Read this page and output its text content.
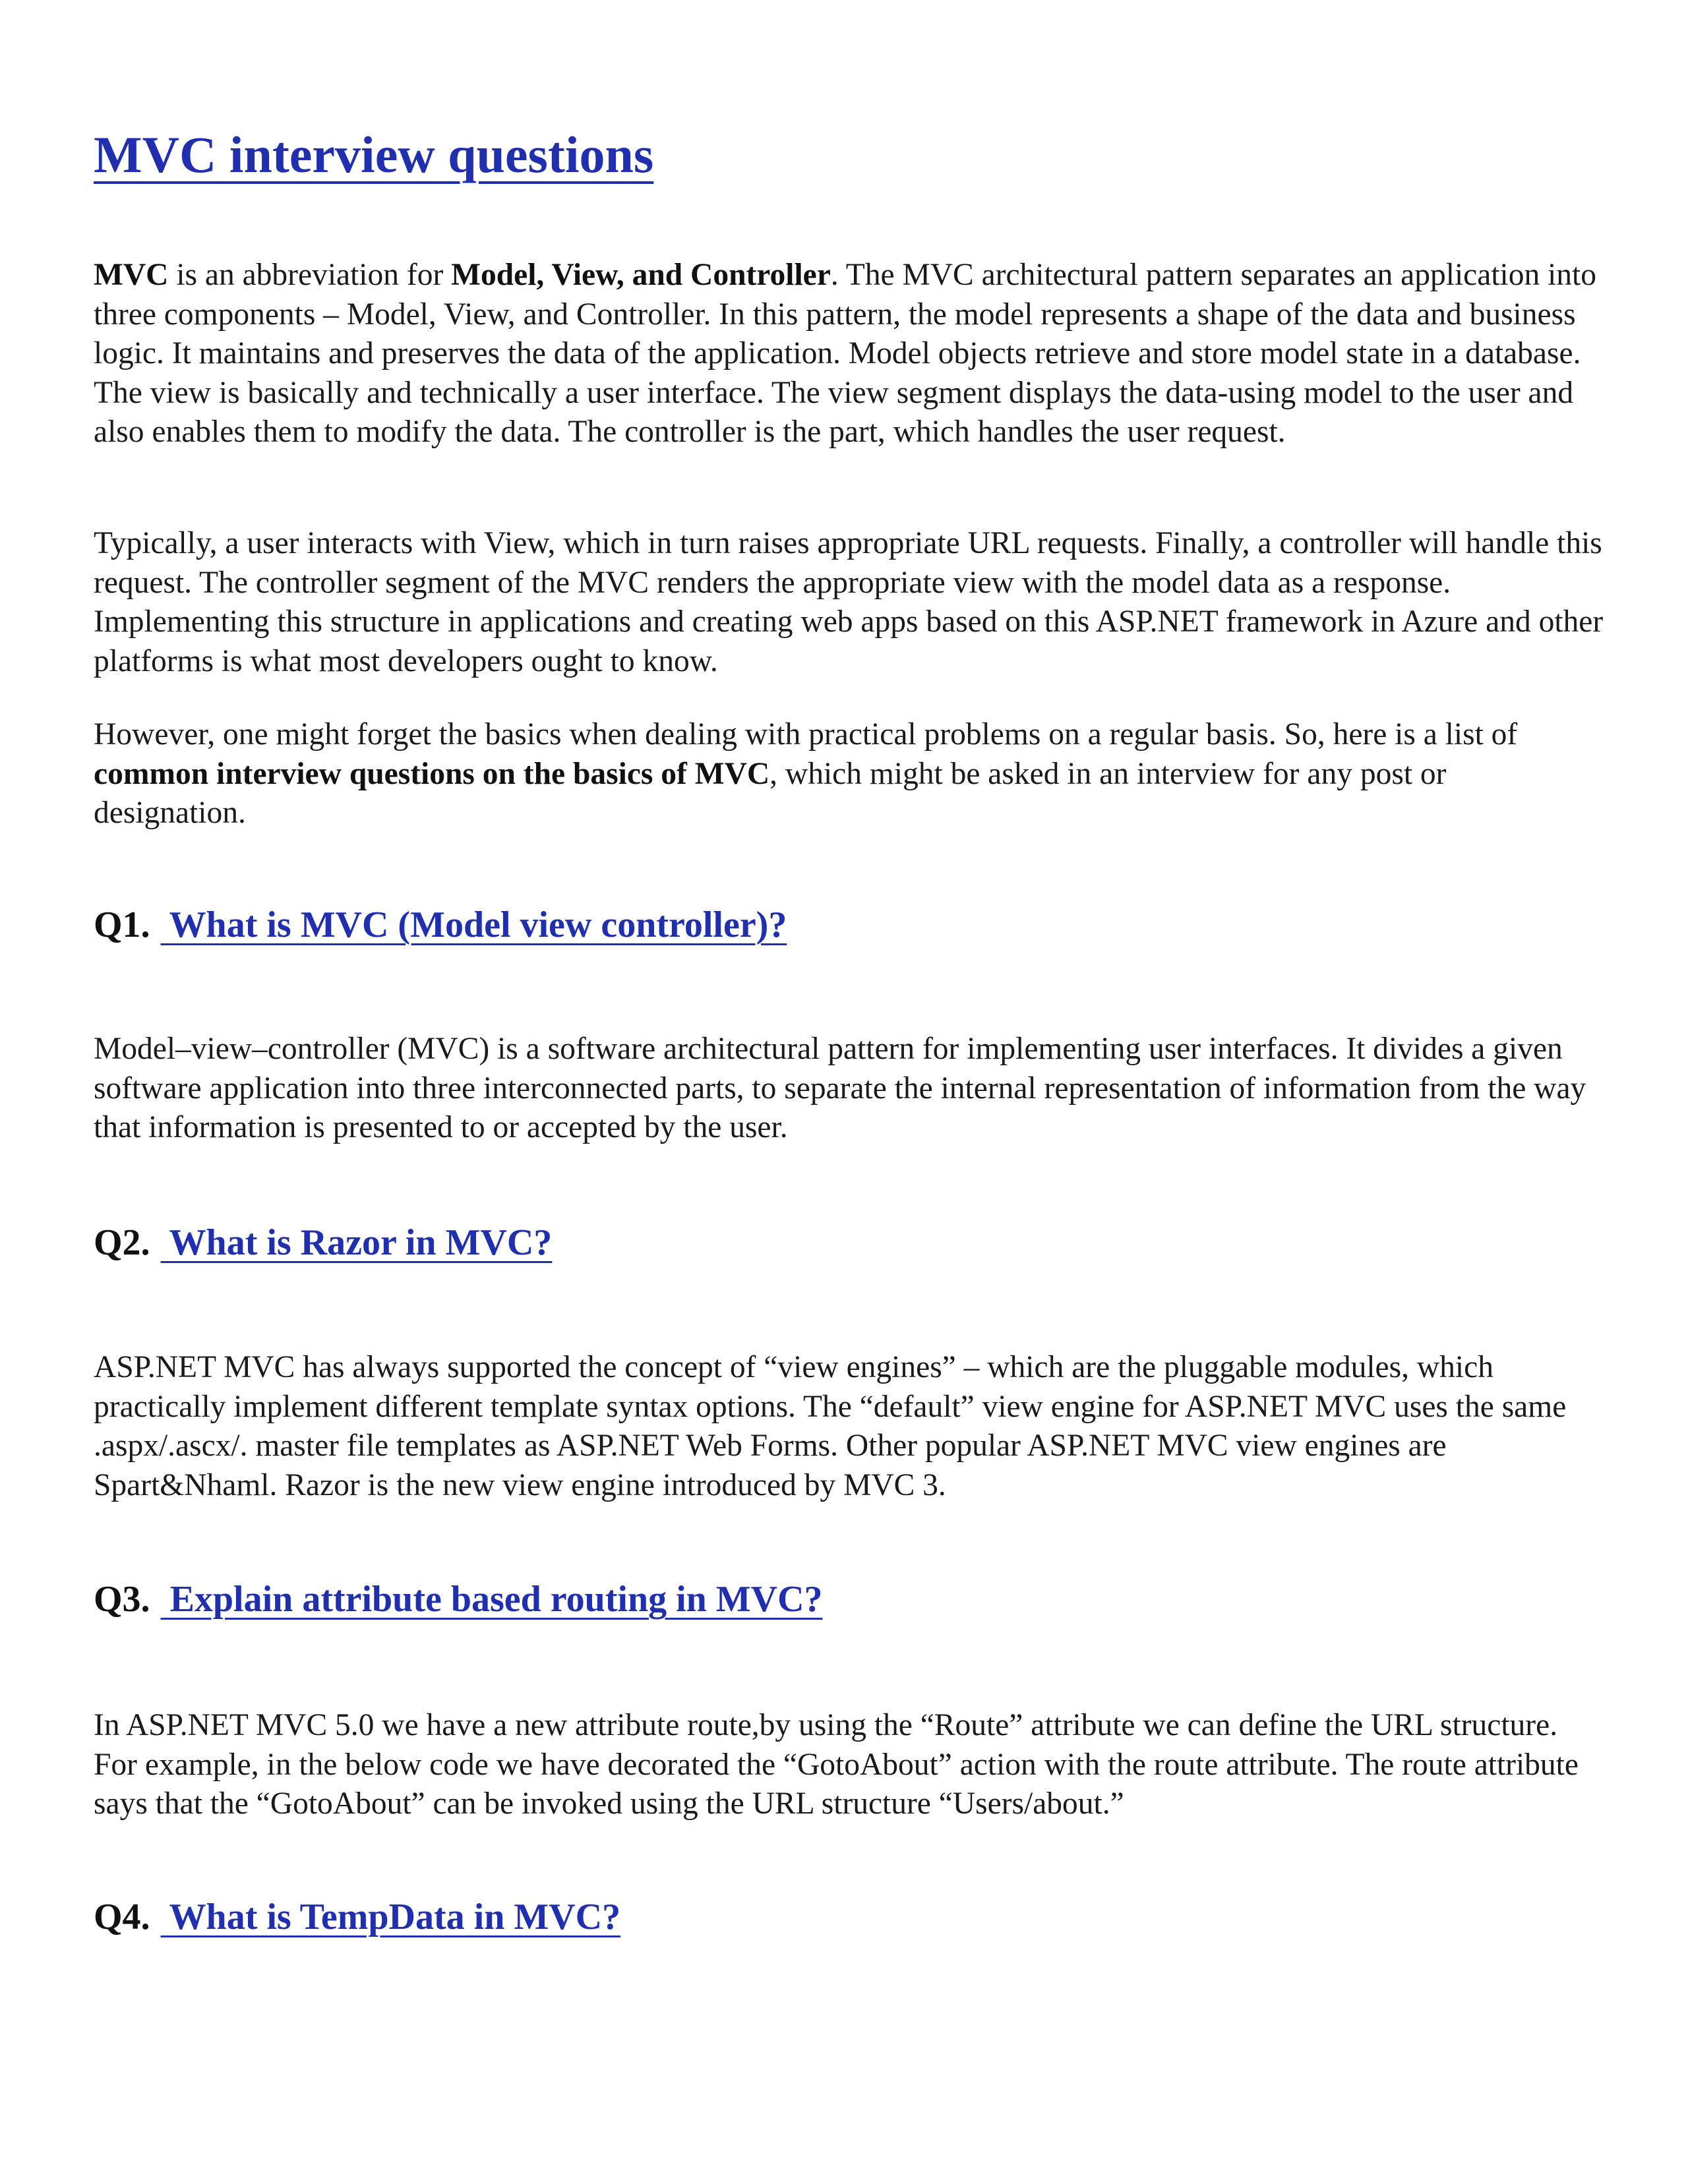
MVC interview questions

MVC is an abbreviation for Model, View, and Controller. The MVC architectural pattern separates an application into three components – Model, View, and Controller. In this pattern, the model represents a shape of the data and business logic. It maintains and preserves the data of the application. Model objects retrieve and store model state in a database. The view is basically and technically a user interface. The view segment displays the data-using model to the user and also enables them to modify the data. The controller is the part, which handles the user request.

Typically, a user interacts with View, which in turn raises appropriate URL requests. Finally, a controller will handle this request. The controller segment of the MVC renders the appropriate view with the model data as a response. Implementing this structure in applications and creating web apps based on this ASP.NET framework in Azure and other platforms is what most developers ought to know.

However, one might forget the basics when dealing with practical problems on a regular basis. So, here is a list of common interview questions on the basics of MVC, which might be asked in an interview for any post or designation.

Q1. What is MVC (Model view controller)?

Model–view–controller (MVC) is a software architectural pattern for implementing user interfaces. It divides a given software application into three interconnected parts, to separate the internal representation of information from the way that information is presented to or accepted by the user.

Q2. What is Razor in MVC?

ASP.NET MVC has always supported the concept of “view engines” – which are the pluggable modules, which practically implement different template syntax options. The “default” view engine for ASP.NET MVC uses the same .aspx/.ascx/. master file templates as ASP.NET Web Forms. Other popular ASP.NET MVC view engines are Spart&Nhaml. Razor is the new view engine introduced by MVC 3.

Q3. Explain attribute based routing in MVC?

In ASP.NET MVC 5.0 we have a new attribute route,by using the “Route” attribute we can define the URL structure. For example, in the below code we have decorated the “GotoAbout” action with the route attribute. The route attribute says that the “GotoAbout” can be invoked using the URL structure “Users/about.”

Q4. What is TempData in MVC?
